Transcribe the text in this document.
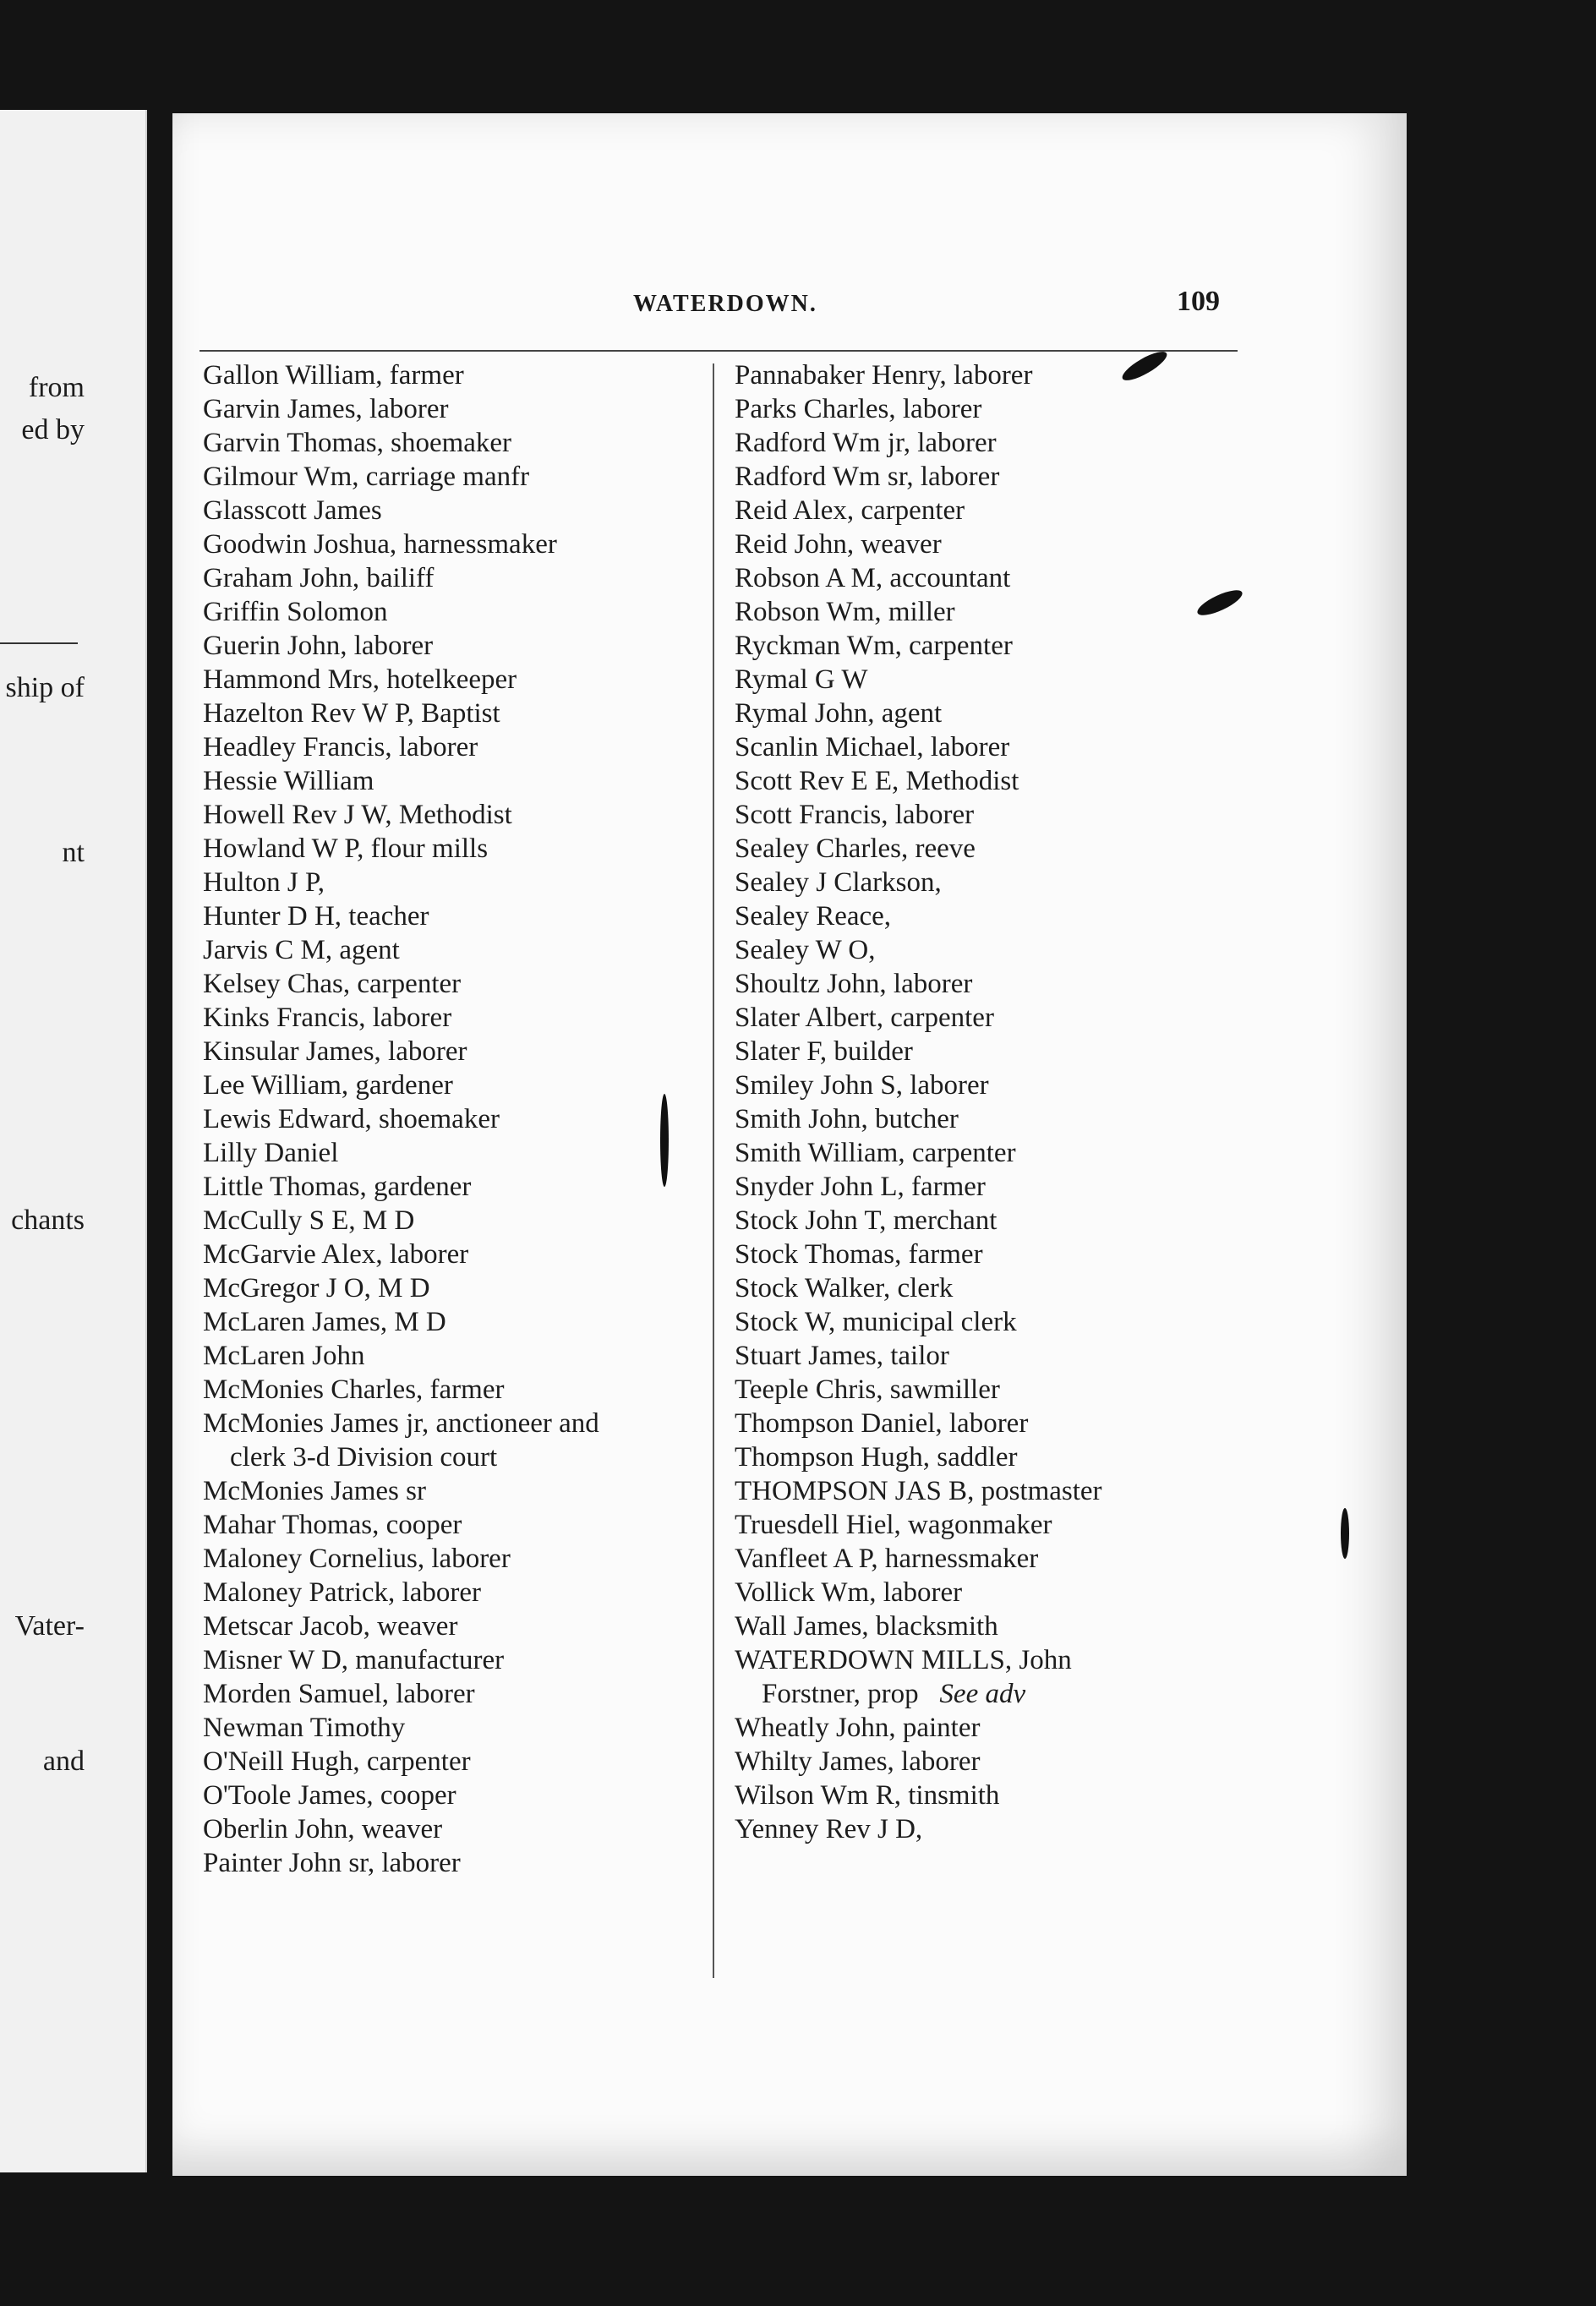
from
ed by
ship of
nt
chants
Vater-
and
WATERDOWN.	109
Gallon William, farmer
Garvin James, laborer
Garvin Thomas, shoemaker
Gilmour Wm, carriage manfr
Glasscott James
Goodwin Joshua, harnessmaker
Graham John, bailiff
Griffin Solomon
Guerin John, laborer
Hammond Mrs, hotelkeeper
Hazelton Rev W P, Baptist
Headley Francis, laborer
Hessie William
Howell Rev J W, Methodist
Howland W P, flour mills
Hulton J P,
Hunter D H, teacher
Jarvis C M, agent
Kelsey Chas, carpenter
Kinks Francis, laborer
Kinsular James, laborer
Lee William, gardener
Lewis Edward, shoemaker
Lilly Daniel
Little Thomas, gardener
McCully S E, M D
McGarvie Alex, laborer
McGregor J O, M D
McLaren James, M D
McLaren John
McMonies Charles, farmer
McMonies James jr, anctioneer and
clerk 3-d Division court
McMonies James sr
Mahar Thomas, cooper
Maloney Cornelius, laborer
Maloney Patrick, laborer
Metscar Jacob, weaver
Misner W D, manufacturer
Morden Samuel, laborer
Newman Timothy
O'Neill Hugh, carpenter
O'Toole James, cooper
Oberlin John, weaver
Painter John sr, laborer
Pannabaker Henry, laborer
Parks Charles, laborer
Radford Wm jr, laborer
Radford Wm sr, laborer
Reid Alex, carpenter
Reid John, weaver
Robson A M, accountant
Robson Wm, miller
Ryckman Wm, carpenter
Rymal G W
Rymal John, agent
Scanlin Michael, laborer
Scott Rev E E, Methodist
Scott Francis, laborer
Sealey Charles, reeve
Sealey J Clarkson,
Sealey Reace,
Sealey W O,
Shoultz John, laborer
Slater Albert, carpenter
Slater F, builder
Smiley John S, laborer
Smith John, butcher
Smith William, carpenter
Snyder John L, farmer
Stock John T, merchant
Stock Thomas, farmer
Stock Walker, clerk
Stock W, municipal clerk
Stuart James, tailor
Teeple Chris, sawmiller
Thompson Daniel, laborer
Thompson Hugh, saddler
THOMPSON JAS B, postmaster
Truesdell Hiel, wagonmaker
Vanfleet A P, harnessmaker
Vollick Wm, laborer
Wall James, blacksmith
WATERDOWN MILLS, John
Forstner, prop See adv
Wheatly John, painter
Whilty James, laborer
Wilson Wm R, tinsmith
Yenney Rev J D,
